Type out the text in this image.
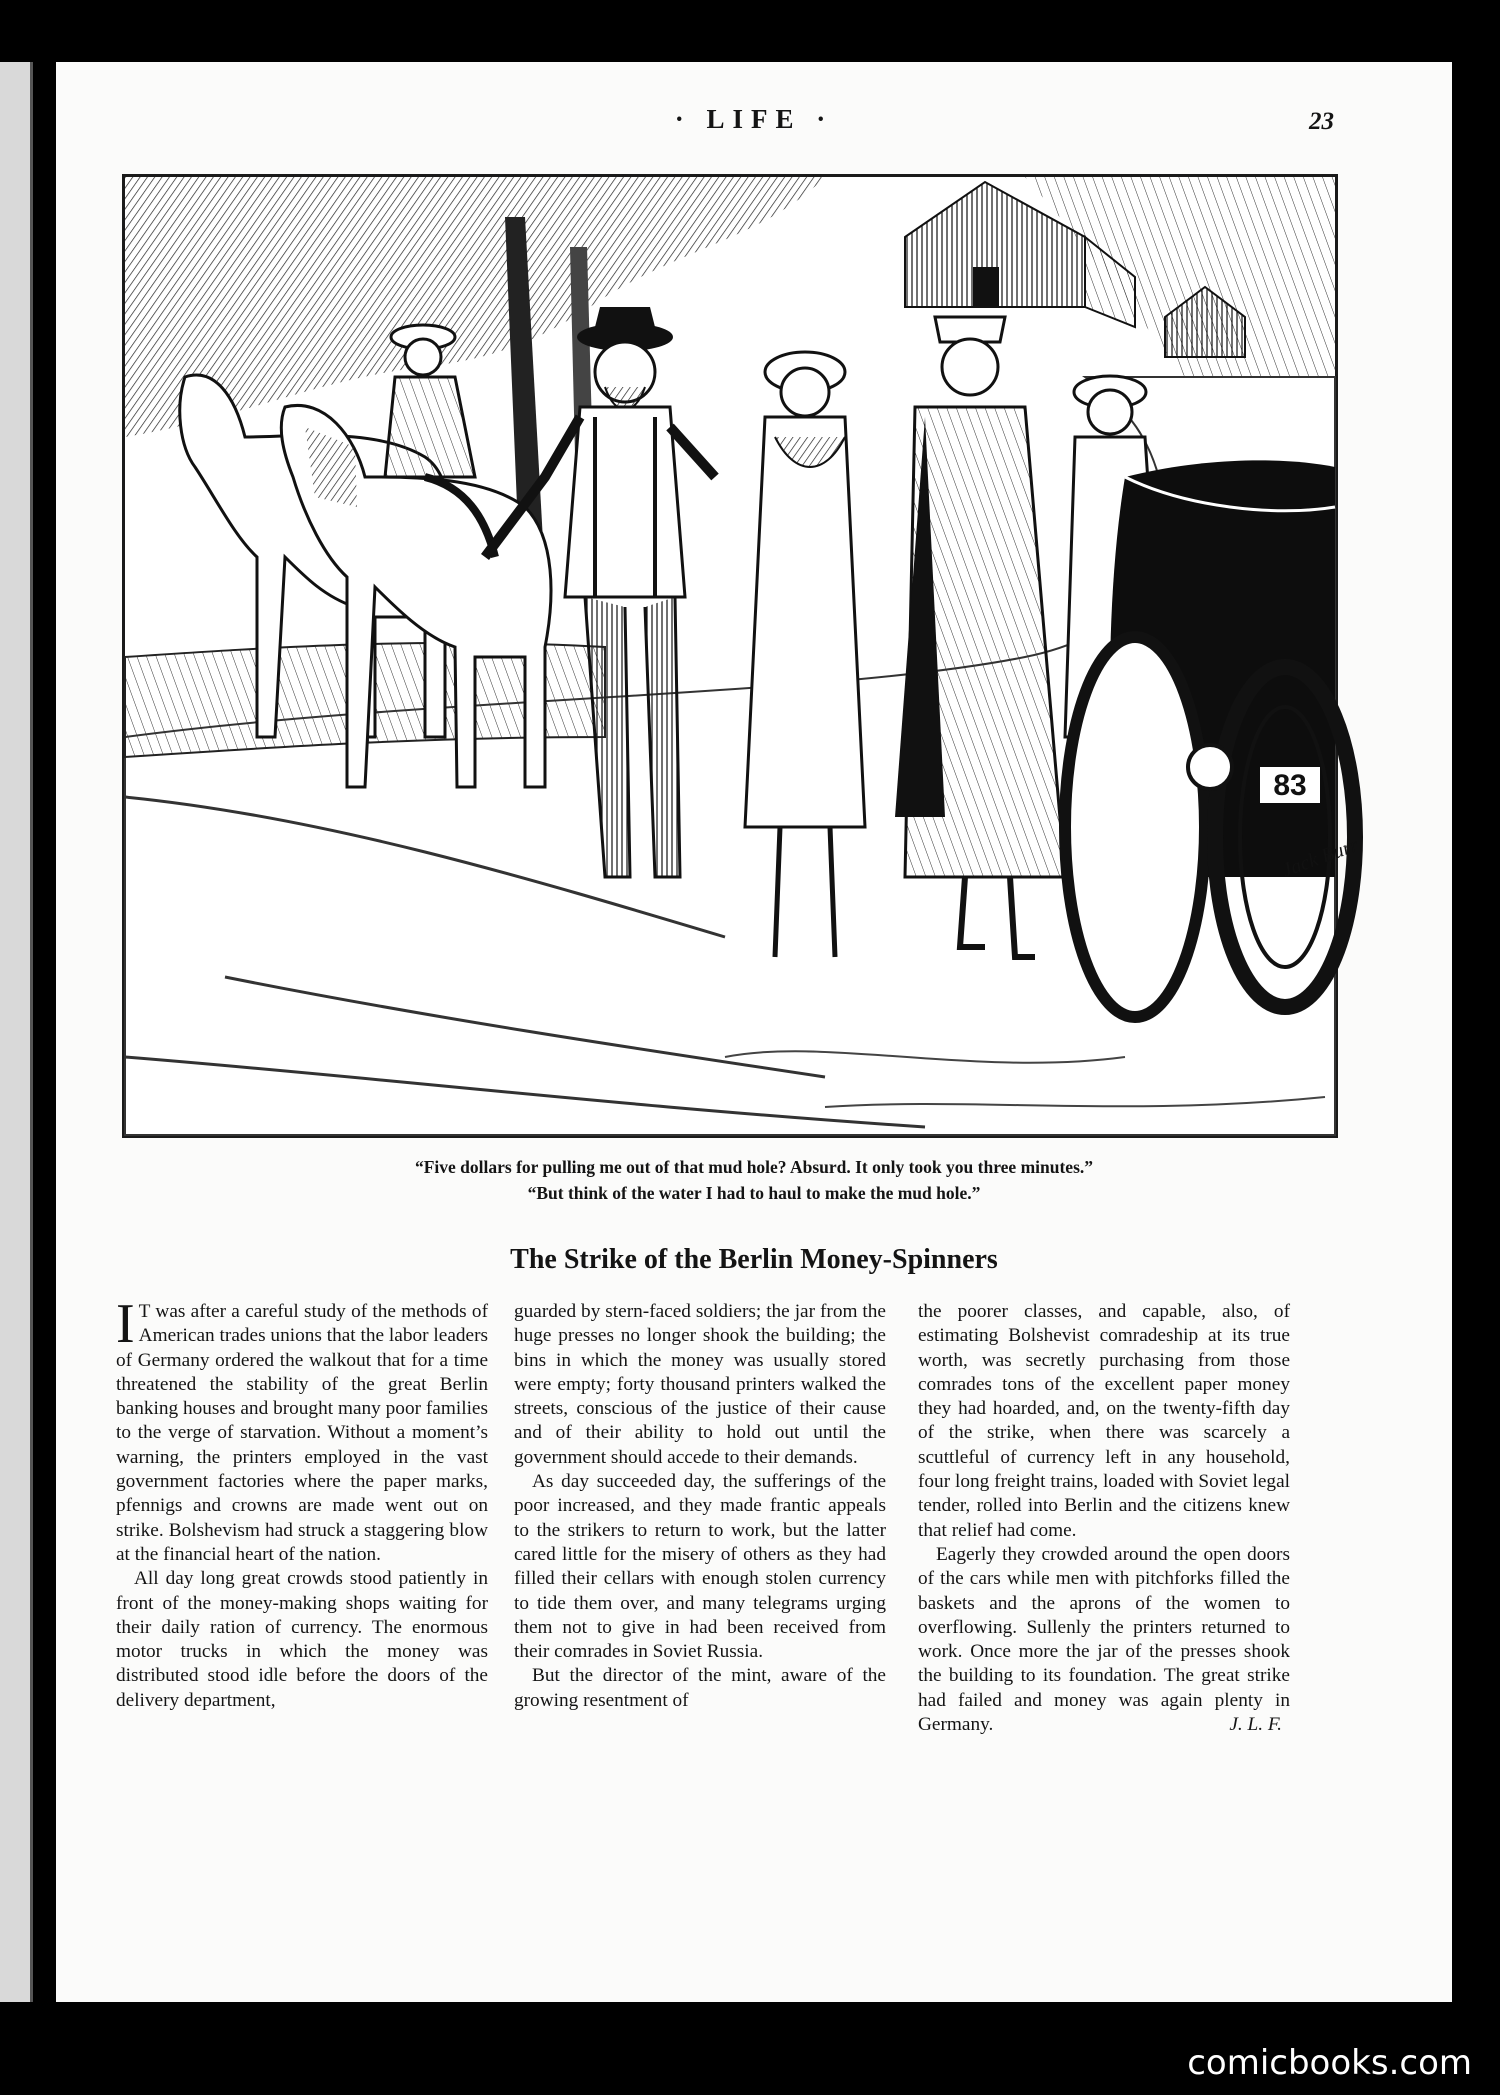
· LIFE ·	23
83
Jack Burr
“Five dollars for pulling me out of that mud hole? Absurd. It only took you three minutes.”
“But think of the water I had to haul to make the mud hole.”
The Strike of the Berlin Money-Spinners

I T was after a careful study of the methods of American trades unions that the labor leaders of Germany ordered the walkout that for a time threatened the stability of the great Berlin banking houses and brought many poor families to the verge of starvation. Without a moment’s warning, the printers employed in the vast government factories where the paper marks, pfennigs and crowns are made went out on strike. Bolshevism had struck a staggering blow at the financial heart of the nation.

All day long great crowds stood patiently in front of the money-making shops waiting for their daily ration of currency. The enormous motor trucks in which the money was distributed stood idle before the doors of the delivery department,

guarded by stern-faced soldiers; the jar from the huge presses no longer shook the building; the bins in which the money was usually stored were empty; forty thousand printers walked the streets, conscious of the justice of their cause and of their ability to hold out until the government should accede to their demands.

As day succeeded day, the sufferings of the poor increased, and they made frantic appeals to the strikers to return to work, but the latter cared little for the misery of others as they had filled their cellars with enough stolen currency to tide them over, and many telegrams urging them not to give in had been received from their comrades in Soviet Russia.

But the director of the mint, aware of the growing resentment of

the poorer classes, and capable, also, of estimating Bolshevist comradeship at its true worth, was secretly purchasing from those comrades tons of the excellent paper money they had hoarded, and, on the twenty-fifth day of the strike, when there was scarcely a scuttleful of currency left in any household, four long freight trains, loaded with Soviet legal tender, rolled into Berlin and the citizens knew that relief had come.

Eagerly they crowded around the open doors of the cars while men with pitchforks filled the baskets and the aprons of the women to overflowing. Sullenly the printers returned to work. Once more the jar of the presses shook the building to its foundation. The great strike had failed and money was again plenty in Germany.	J. L. F.

comicbooks.com
